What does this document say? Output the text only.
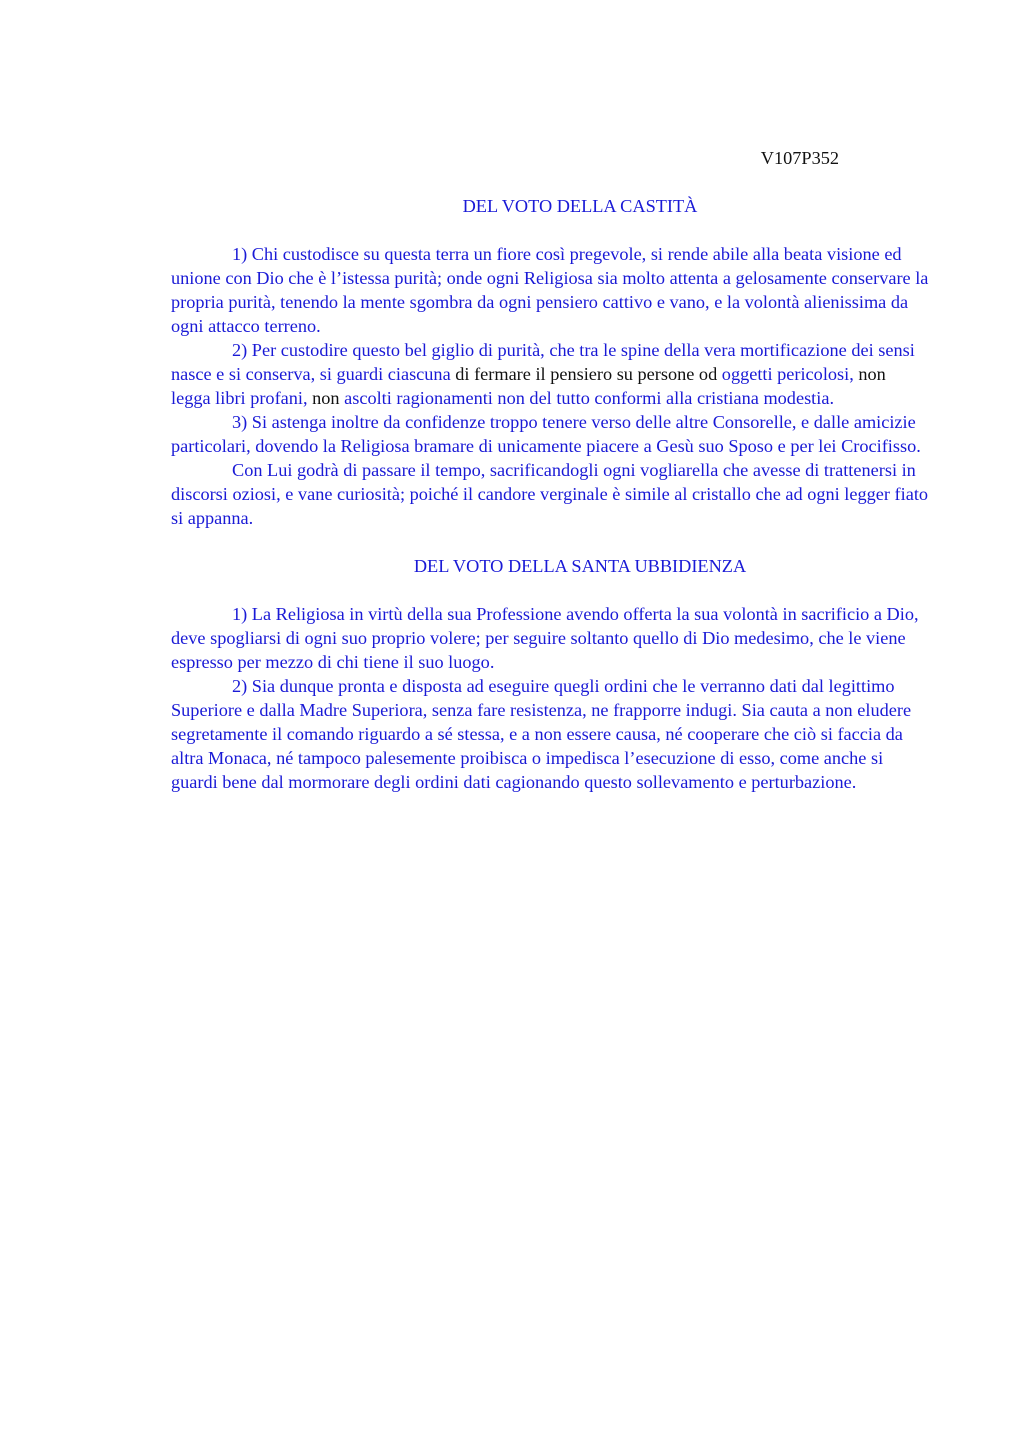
V107P352
DEL VOTO DELLA CASTITÀ

1) Chi custodisce su questa terra un fiore così pregevole, si rende abile alla beata visione ed unione con Dio che è l’istessa purità; onde ogni Religiosa sia molto attenta a gelosamente conservare la propria purità, tenendo la mente sgombra da ogni pensiero cattivo e vano, e la volontà alienissima da ogni attacco terreno.

2) Per custodire questo bel giglio di purità, che tra le spine della vera mortificazione dei sensi nasce e si conserva, si guardi ciascuna di fermare il pensiero su persone od oggetti pericolosi, non legga libri profani, non ascolti ragionamenti non del tutto conformi alla cristiana modestia.

3) Si astenga inoltre da confidenze troppo tenere verso delle altre Consorelle, e dalle amicizie particolari, dovendo la Religiosa bramare di unicamente piacere a Gesù suo Sposo e per lei Crocifisso.

Con Lui godrà di passare il tempo, sacrificandogli ogni vogliarella che avesse di trattenersi in discorsi oziosi, e vane curiosità; poiché il candore verginale è simile al cristallo che ad ogni legger fiato si appanna.

DEL VOTO DELLA SANTA UBBIDIENZA

1) La Religiosa in virtù della sua Professione avendo offerta la sua volontà in sacrificio a Dio, deve spogliarsi di ogni suo proprio volere; per seguire soltanto quello di Dio medesimo, che le viene espresso per mezzo di chi tiene il suo luogo.

2) Sia dunque pronta e disposta ad eseguire quegli ordini che le verranno dati dal legittimo Superiore e dalla Madre Superiora, senza fare resistenza, ne frapporre indugi. Sia cauta a non eludere segretamente il comando riguardo a sé stessa, e a non essere causa, né cooperare che ciò si faccia da altra Monaca, né tampoco palesemente proibisca o impedisca l’esecuzione di esso, come anche si guardi bene dal mormorare degli ordini dati cagionando questo sollevamento e perturbazione.
